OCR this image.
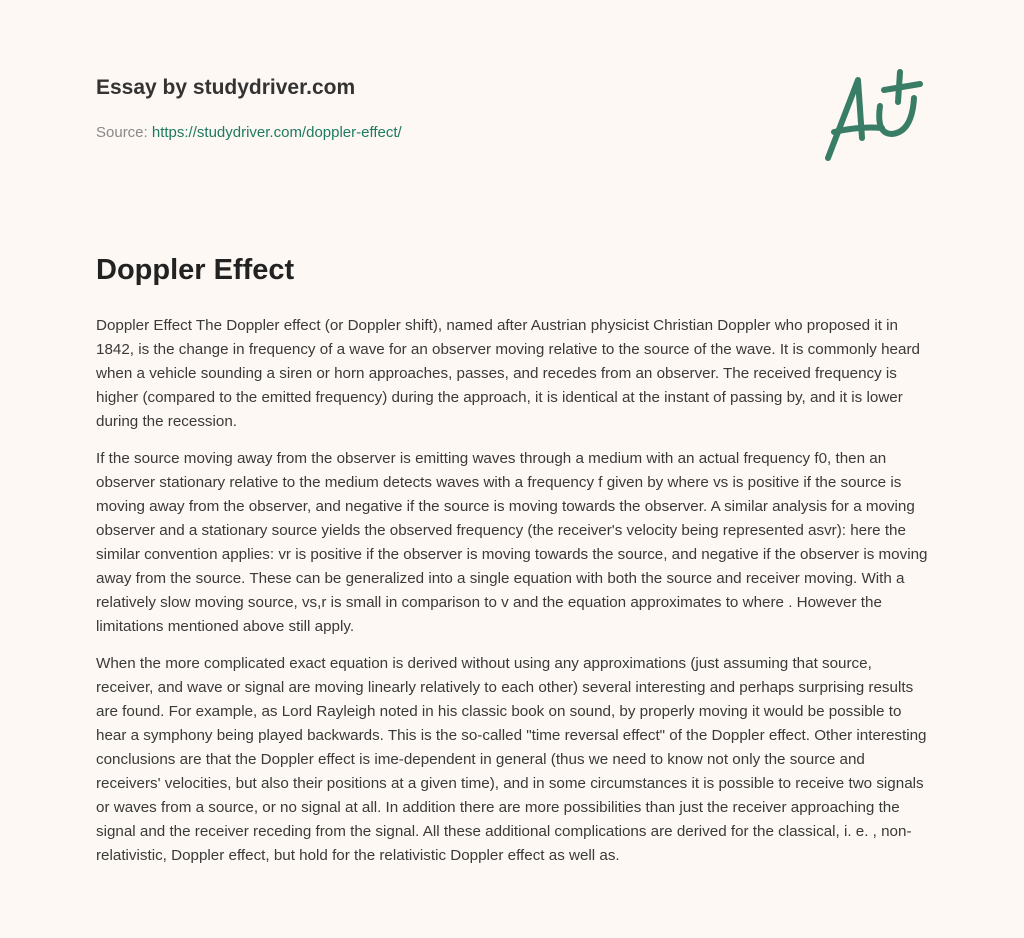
Essay by studydriver.com
Source: https://studydriver.com/doppler-effect/
Doppler Effect

Doppler Effect The Doppler effect (or Doppler shift), named after Austrian physicist Christian Doppler who proposed it in 1842, is the change in frequency of a wave for an observer moving relative to the source of the wave. It is commonly heard when a vehicle sounding a siren or horn approaches, passes, and recedes from an observer. The received frequency is higher (compared to the emitted frequency) during the approach, it is identical at the instant of passing by, and it is lower during the recession.

If the source moving away from the observer is emitting waves through a medium with an actual frequency f0, then an observer stationary relative to the medium detects waves with a frequency f given by where vs is positive if the source is moving away from the observer, and negative if the source is moving towards the observer. A similar analysis for a moving observer and a stationary source yields the observed frequency (the receiver's velocity being represented asvr): here the similar convention applies: vr is positive if the observer is moving towards the source, and negative if the observer is moving away from the source. These can be generalized into a single equation with both the source and receiver moving. With a relatively slow moving source, vs,r is small in comparison to v and the equation approximates to where . However the limitations mentioned above still apply.

When the more complicated exact equation is derived without using any approximations (just assuming that source, receiver, and wave or signal are moving linearly relatively to each other) several interesting and perhaps surprising results are found. For example, as Lord Rayleigh noted in his classic book on sound, by properly moving it would be possible to hear a symphony being played backwards. This is the so-called "time reversal effect" of the Doppler effect. Other interesting conclusions are that the Doppler effect is ime-dependent in general (thus we need to know not only the source and receivers' velocities, but also their positions at a given time), and in some circumstances it is possible to receive two signals or waves from a source, or no signal at all. In addition there are more possibilities than just the receiver approaching the signal and the receiver receding from the signal. All these additional complications are derived for the classical, i. e. , non-relativistic, Doppler effect, but hold for the relativistic Doppler effect as well as.
